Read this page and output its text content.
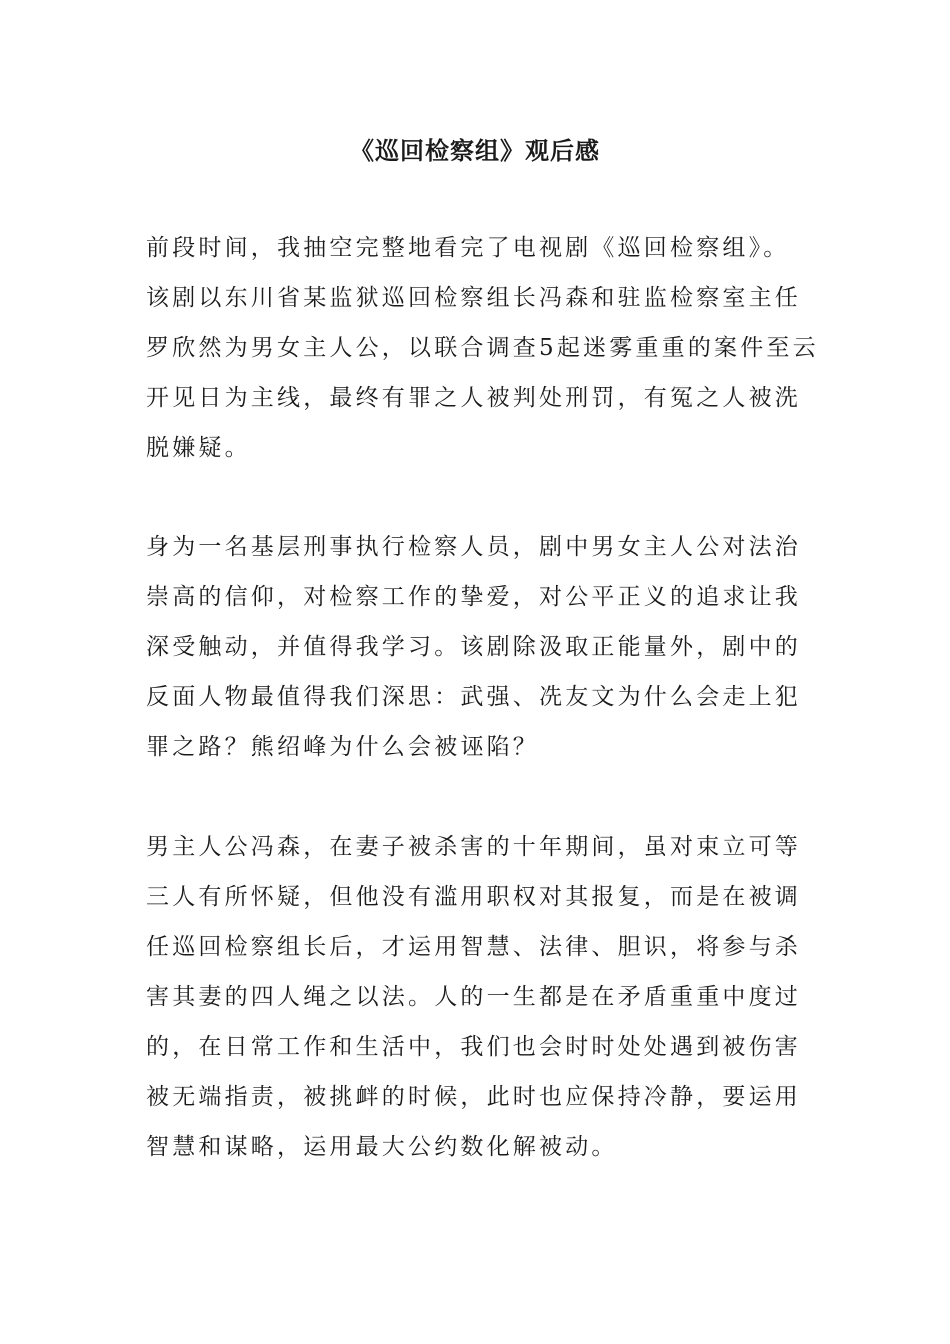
《巡回检察组》观后感
前段时间，我抽空完整地看完了电视剧《巡回检察组》。
该剧以东川省某监狱巡回检察组长冯森和驻监检察室主任
罗欣然为男女主人公，以联合调查5起迷雾重重的案件至云
开见日为主线，最终有罪之人被判处刑罚，有冤之人被洗
脱嫌疑。
身为一名基层刑事执行检察人员，剧中男女主人公对法治
崇高的信仰，对检察工作的挚爱，对公平正义的追求让我
深受触动，并值得我学习。该剧除汲取正能量外，剧中的
反面人物最值得我们深思：武强、冼友文为什么会走上犯
罪之路？熊绍峰为什么会被诬陷？
男主人公冯森，在妻子被杀害的十年期间，虽对束立可等
三人有所怀疑，但他没有滥用职权对其报复，而是在被调
任巡回检察组长后，才运用智慧、法律、胆识，将参与杀
害其妻的四人绳之以法。人的一生都是在矛盾重重中度过
的，在日常工作和生活中，我们也会时时处处遇到被伤害
被无端指责，被挑衅的时候，此时也应保持冷静，要运用
智慧和谋略，运用最大公约数化解被动。
